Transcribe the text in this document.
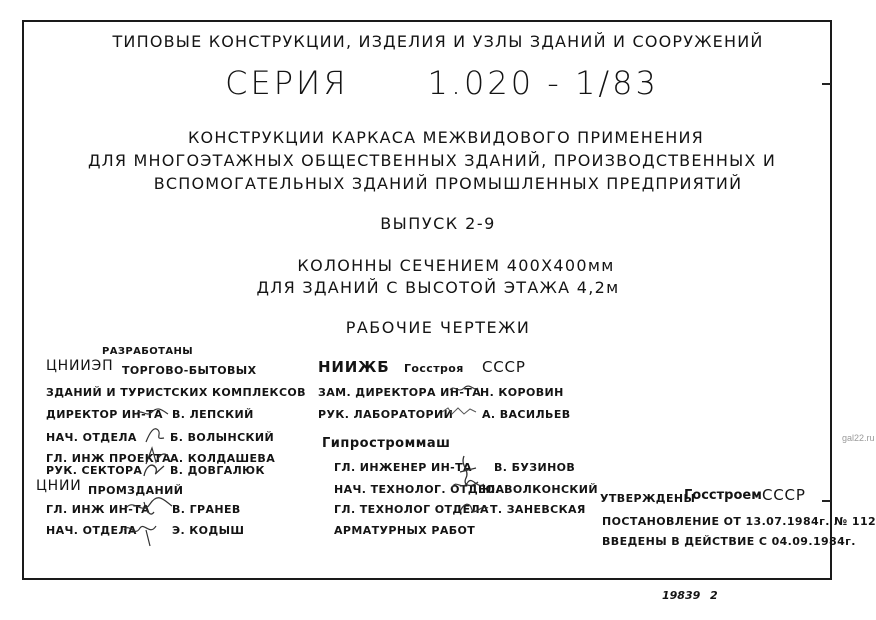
ТИПОВЫЕ КОНСТРУКЦИИ, ИЗДЕЛИЯ И УЗЛЫ ЗДАНИЙ И СООРУЖЕНИЙ
СЕРИЯ      1.020 - 1/83
КОНСТРУКЦИИ КАРКАСА МЕЖВИДОВОГО ПРИМЕНЕНИЯ
ДЛЯ МНОГОЭТАЖНЫХ ОБЩЕСТВЕННЫХ ЗДАНИЙ, ПРОИЗВОДСТВЕННЫХ И
ВСПОМОГАТЕЛЬНЫХ ЗДАНИЙ ПРОМЫШЛЕННЫХ ПРЕДПРИЯТИЙ
ВЫПУСК 2-9
КОЛОННЫ СЕЧЕНИЕМ 400Х400мм
ДЛЯ ЗДАНИЙ С ВЫСОТОЙ ЭТАЖА 4,2м
РАБОЧИЕ ЧЕРТЕЖИ
РАЗРАБОТАНЫ
ЦНИИЭП ТОРГОВО-БЫТОВЫХ
ЗДАНИЙ И ТУРИСТСКИХ КОМПЛЕКСОВ
ДИРЕКТОР ИН-ТА В. ЛЕПСКИЙ
НАЧ. ОТДЕЛА	Б. ВОЛЫНСКИЙ
ГЛ. ИНЖ ПРОЕКТА
А. КОЛДАШЕВА
РУК. СЕКТОРА	В. ДОВГАЛЮК
ЦНИИ ПРОМЗДАНИЙ
ГЛ. ИНЖ ИН-ТА В. ГРАНЕВ
НАЧ. ОТДЕЛА	Э. КОДЫШ
НИИЖБ Госстроя СССР
ЗАМ. ДИРЕКТОРА ИН-ТА
Н. КОРОВИН
РУК. ЛАБОРАТОРИИ	А. ВАСИЛЬЕВ
Гипростроммаш
ГЛ. ИНЖЕНЕР ИН-ТА В. БУЗИНОВ
НАЧ. ТЕХНОЛОГ. ОТДЕЛА
Ю. ВОЛКОНСКИЙ
ГЛ. ТЕХНОЛОГ ОТДЕЛА Т. ЗАНЕВСКАЯ
АРМАТУРНЫХ РАБОТ
УТВЕРЖДЕНЫ
Госстроем СССР
ПОСТАНОВЛЕНИЕ ОТ 13.07.1984г. № 112
ВВЕДЕНЫ В ДЕЙСТВИЕ С 04.09.1984г.
19839 2
gal22.ru
